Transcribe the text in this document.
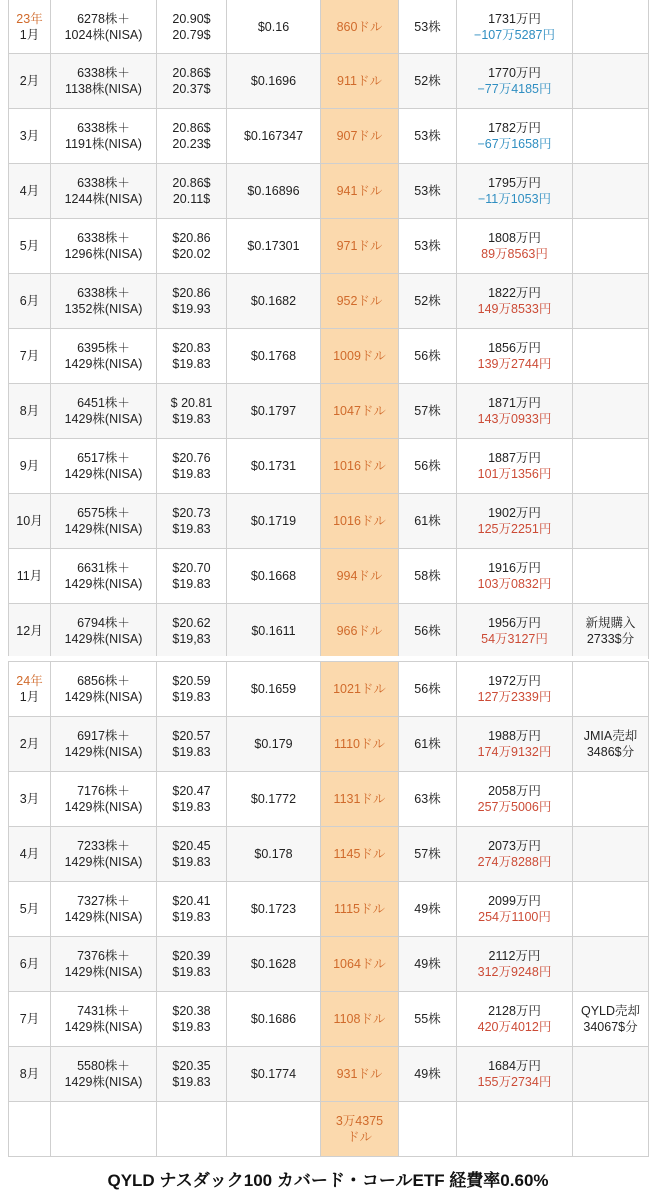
23年
1月	6278株＋
1024株(NISA)	20.90$
20.79$	$0.16	860ドル	53株	1731万円
−107万5287円	

2月	6338株＋
1138株(NISA)	20.86$
20.37$	$0.1696	911ドル	52株	1770万円
−77万4185円	

3月	6338株＋
1191株(NISA)	20.86$
20.23$	$0.167347	907ドル	53株	1782万円
−67万1658円	

4月	6338株＋
1244株(NISA)	20.86$
20.11$	$0.16896	941ドル	53株	1795万円
−11万1053円	

5月	6338株＋
1296株(NISA)	$20.86
$20.02	$0.17301	971ドル	53株	1808万円
89万8563円	

6月	6338株＋
1352株(NISA)	$20.86
$19.93	$0.1682	952ドル	52株	1822万円
149万8533円	

7月	6395株＋
1429株(NISA)	$20.83
$19.83	$0.1768	1009ドル	56株	1856万円
139万2744円	

8月	6451株＋
1429株(NISA)	$ 20.81
$19.83	$0.1797	1047ドル	57株	1871万円
143万0933円	

9月	6517株＋
1429株(NISA)	$20.76
$19.83	$0.1731	1016ドル	56株	1887万円
101万1356円	

10月	6575株＋
1429株(NISA)	$20.73
$19.83	$0.1719	1016ドル	61株	1902万円
125万2251円	

11月	6631株＋
1429株(NISA)	$20.70
$19.83	$0.1668	994ドル	58株	1916万円
103万0832円	

12月	6794株＋
1429株(NISA)	$20.62
$19,83	$0.1611	966ドル	56株	1956万円
54万3127円	新規購入
2733$分
24年
1月	6856株＋
1429株(NISA)	$20.59
$19.83	$0.1659	1021ドル	56株	1972万円
127万2339円	

2月	6917株＋
1429株(NISA)	$20.57
$19.83	$0.179	1110ドル	61株	1988万円
174万9132円	JMIA売却
3486$分

3月	7176株＋
1429株(NISA)	$20.47
$19.83	$0.1772	1131ドル	63株	2058万円
257万5006円	

4月	7233株＋
1429株(NISA)	$20.45
$19.83	$0.178	1145ドル	57株	2073万円
274万8288円	

5月	7327株＋
1429株(NISA)	$20.41
$19.83	$0.1723	1115ドル	49株	2099万円
254万1100円	

6月	7376株＋
1429株(NISA)	$20.39
$19.83	$0.1628	1064ドル	49株	2112万円
312万9248円	

7月	7431株＋
1429株(NISA)	$20.38
$19.83	$0.1686	1108ドル	55株	2128万円
420万4012円	QYLD売却
34067$分

8月	5580株＋
1429株(NISA)	$20.35
$19.83	$0.1774	931ドル	49株	1684万円
155万2734円	

				3万4375
ドル			

QYLD ナスダック100 カバード・コールETF 経費率0.60%
